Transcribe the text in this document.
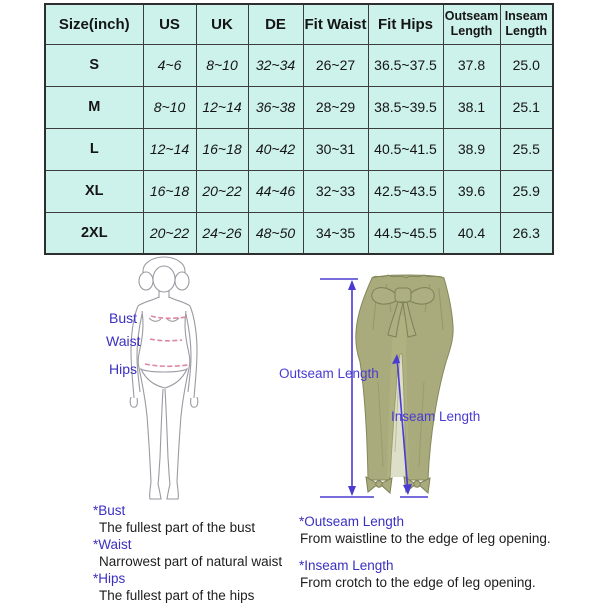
Size(inch)	US	UK	DE	Fit Waist	Fit Hips	Outseam Length	Inseam Length
S	4~6	8~10	32~34	26~27	36.5~37.5	37.8	25.0
M	8~10	12~14	36~38	28~29	38.5~39.5	38.1	25.1
L	12~14	16~18	40~42	30~31	40.5~41.5	38.9	25.5
XL	16~18	20~22	44~46	32~33	42.5~43.5	39.6	25.9
2XL	20~22	24~26	48~50	34~35	44.5~45.5	40.4	26.3
Bust
Waist
Hips	Outseam Length
Inseam Length
*Bust
The fullest part of the bust
*Waist
Narrowest part of natural waist
*Hips
The fullest part of the hips
*Outseam Length
From waistline to the edge of leg opening.
*Inseam Length
From crotch to the edge of leg opening.
